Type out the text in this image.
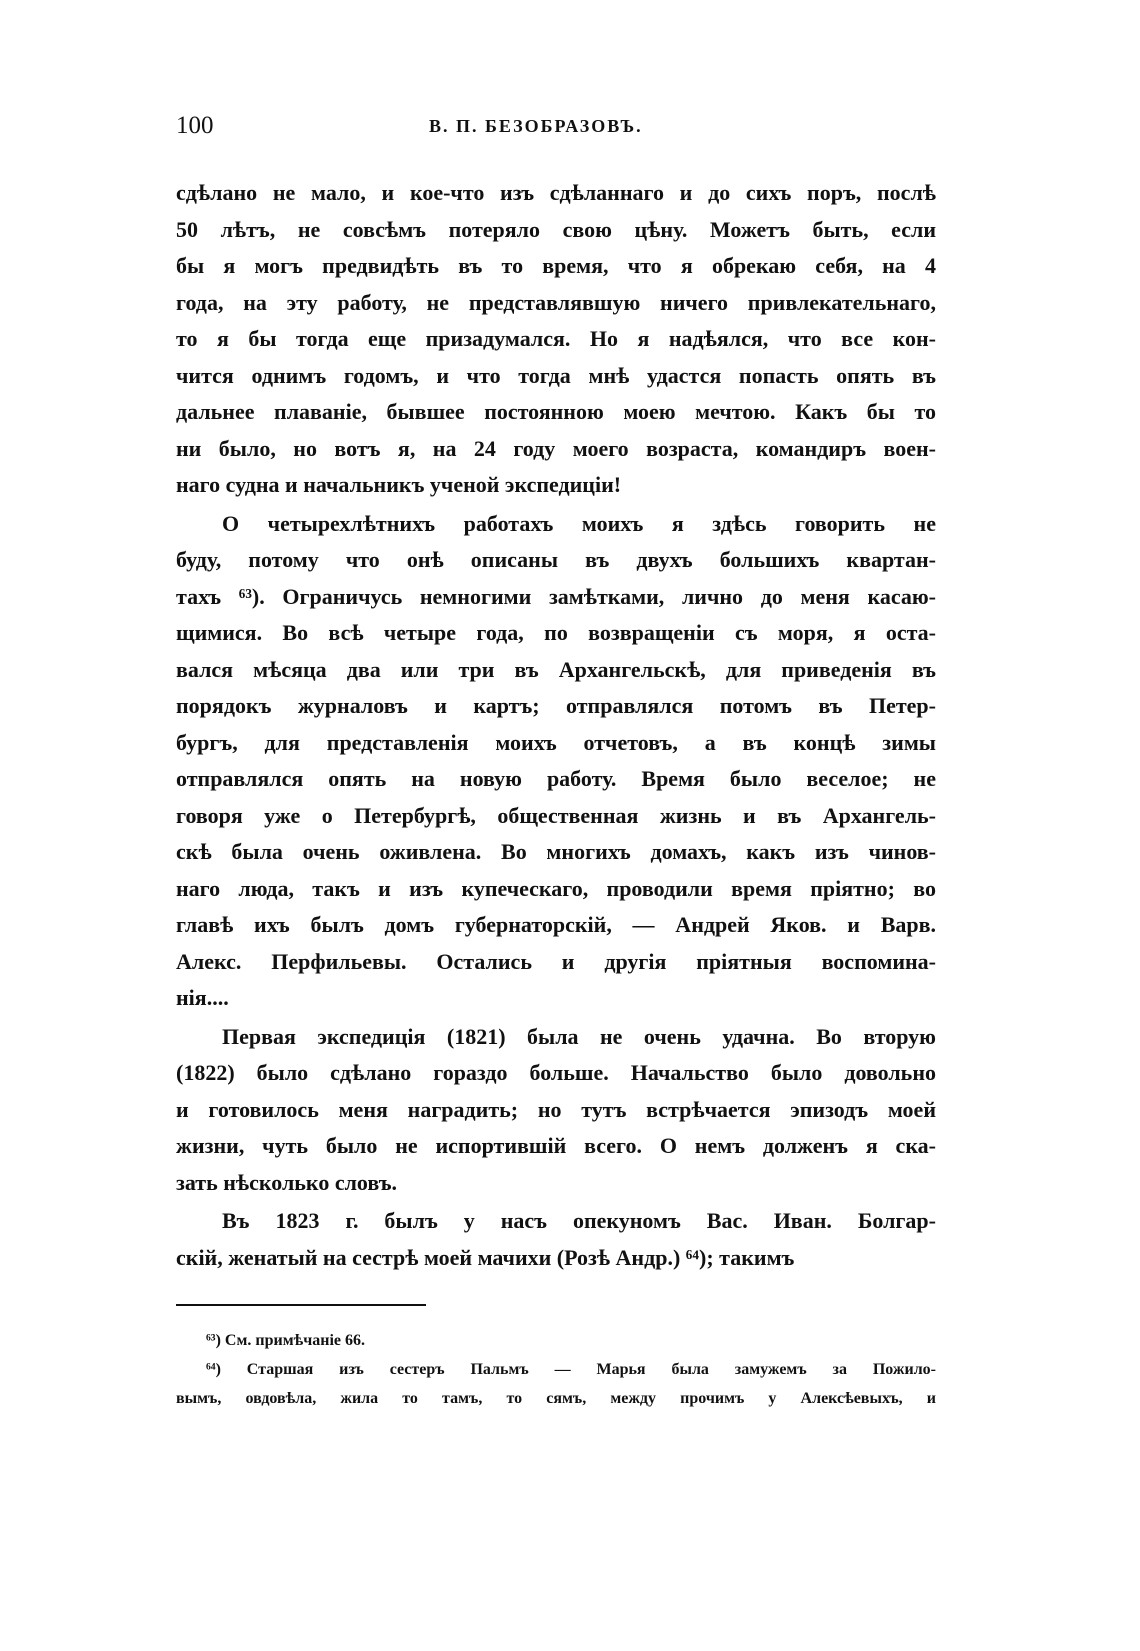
100	В. П. БЕЗОБРАЗОВЪ.
сдѣлано не мало, и кое-что изъ сдѣланнаго и до сихъ поръ, послѣ
50 лѣтъ, не совсѣмъ потеряло свою цѣну. Можетъ быть, если
бы я могъ предвидѣть въ то время, что я обрекаю себя, на 4
года, на эту работу, не представлявшую ничего привлекательнаго,
то я бы тогда еще призадумался. Но я надѣялся, что все кон-
чится однимъ годомъ, и что тогда мнѣ удастся попасть опять въ
дальнее плаваніе, бывшее постоянною моею мечтою. Какъ бы то
ни было, но вотъ я, на 24 году моего возраста, командиръ воен-
наго судна и начальникъ ученой экспедиціи!
О четырехлѣтнихъ работахъ моихъ я здѣсь говорить не
буду, потому что онѣ описаны въ двухъ большихъ квартан-
тахъ ⁶³). Ограничусь немногими замѣтками, лично до меня касаю-
щимися. Во всѣ четыре года, по возвращеніи съ моря, я оста-
вался мѣсяца два или три въ Архангельскѣ, для приведенія въ
порядокъ журналовъ и картъ; отправлялся потомъ въ Петер-
бургъ, для представленія моихъ отчетовъ, а въ концѣ зимы
отправлялся опять на новую работу. Время было веселое; не
говоря уже о Петербургѣ, общественная жизнь и въ Архангель-
скѣ была очень оживлена. Во многихъ домахъ, какъ изъ чинов-
наго люда, такъ и изъ купеческаго, проводили время пріятно; во
главѣ ихъ былъ домъ губернаторскій, — Андрей Яков. и Варв.
Алекс. Перфильевы. Остались и другія пріятныя воспомина-
нія....
Первая экспедиція (1821) была не очень удачна. Во вторую
(1822) было сдѣлано гораздо больше. Начальство было довольно
и готовилось меня наградить; но тутъ встрѣчается эпизодъ моей
жизни, чуть было не испортившій всего. О немъ долженъ я ска-
зать нѣсколько словъ.
Въ 1823 г. былъ у насъ опекуномъ Вас. Иван. Болгар-
скій, женатый на сестрѣ моей мачихи (Розѣ Андр.) ⁶⁴); такимъ
⁶³) См. примѣчаніе 66.
⁶⁴) Старшая изъ сестеръ Пальмъ — Марья была замужемъ за Пожило-
вымъ, овдовѣла, жила то тамъ, то сямъ, между прочимъ у Алексѣевыхъ, и
